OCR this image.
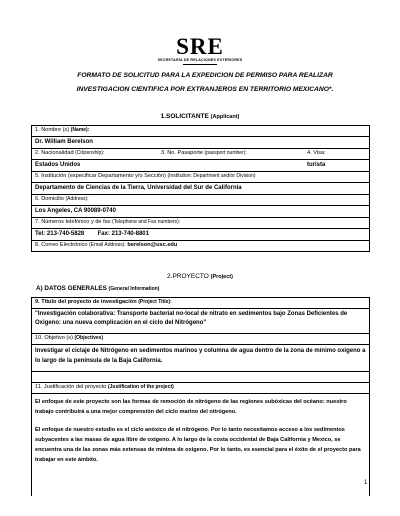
SRE
SECRETARÍA DE RELACIONES EXTERIORES
FORMATO DE SOLICITUD PARA LA EXPEDICION DE PERMISO PARA REALIZAR
INVESTIGACION CIENTIFICA POR EXTRANJEROS EN TERRITORIO MEXICANO*.
1.SOLICITANTE (Applicant)
1. Nombre (s) (Name):		
Dr. William Berelson		
2. Nacionalidad (Citizenship):	3. No. Pasaporte (passport number):	4. Visa:
Estados Unidos		turista
5. Institución (especificar Departamento y/o Sección) (Institution: Department and/or Division)		
Departamento de Ciencias de la Tierra, Universidad del Sur de California		
6. Domicilio (Address):		
Los Angeles, CA 90089-0740		
7. Números telefónico y de fax (Telephone and Fax numbers):		
Tel: 213-740-5828 Fax: 213-740-8801		
8. Correo Electrónico (Email Address): berelson@usc.edu		
2.PROYECTO (Project)
A) DATOS GENERALES (General Information)
9. Título del proyecto de investigación (Project Title):
"Investigación colaborativa: Transporte bacterial no-local de nitrato en sedimentos bajo Zonas Deficientes de Oxigeno: una nueva complicación en el ciclo del Nitrógeno"
10. Objetivo (s) (Objectives)
Investigar el ciclaje de Nitrógeno en sedimentos marinos y columna de agua dentro de la zona de mínimo oxigeno a lo largo de la península de la Baja California.

11. Justificación del proyecto (Justification of the project)

El enfoque de este proyecto son las formas de remoción de nitrógeno de las regiones subóxicas del océano: nuestro trabajo contribuirá a una mejor comprensión del ciclo marino del nitrógeno.

El enfoque de nuestro estudio es el ciclo anóxico de el nitrógeno. Por lo tanto necesitamos acceso a los sedimentos subyacentes a las masas de agua libre de oxigeno. A lo largo de la costa occidental de Baja California y Mexico, se encuentra una de las zonas más extensas de mínima de oxigeno. Por lo tanto, es esencial para el éxito de el proyecto para trabajar en este ámbito.

1
